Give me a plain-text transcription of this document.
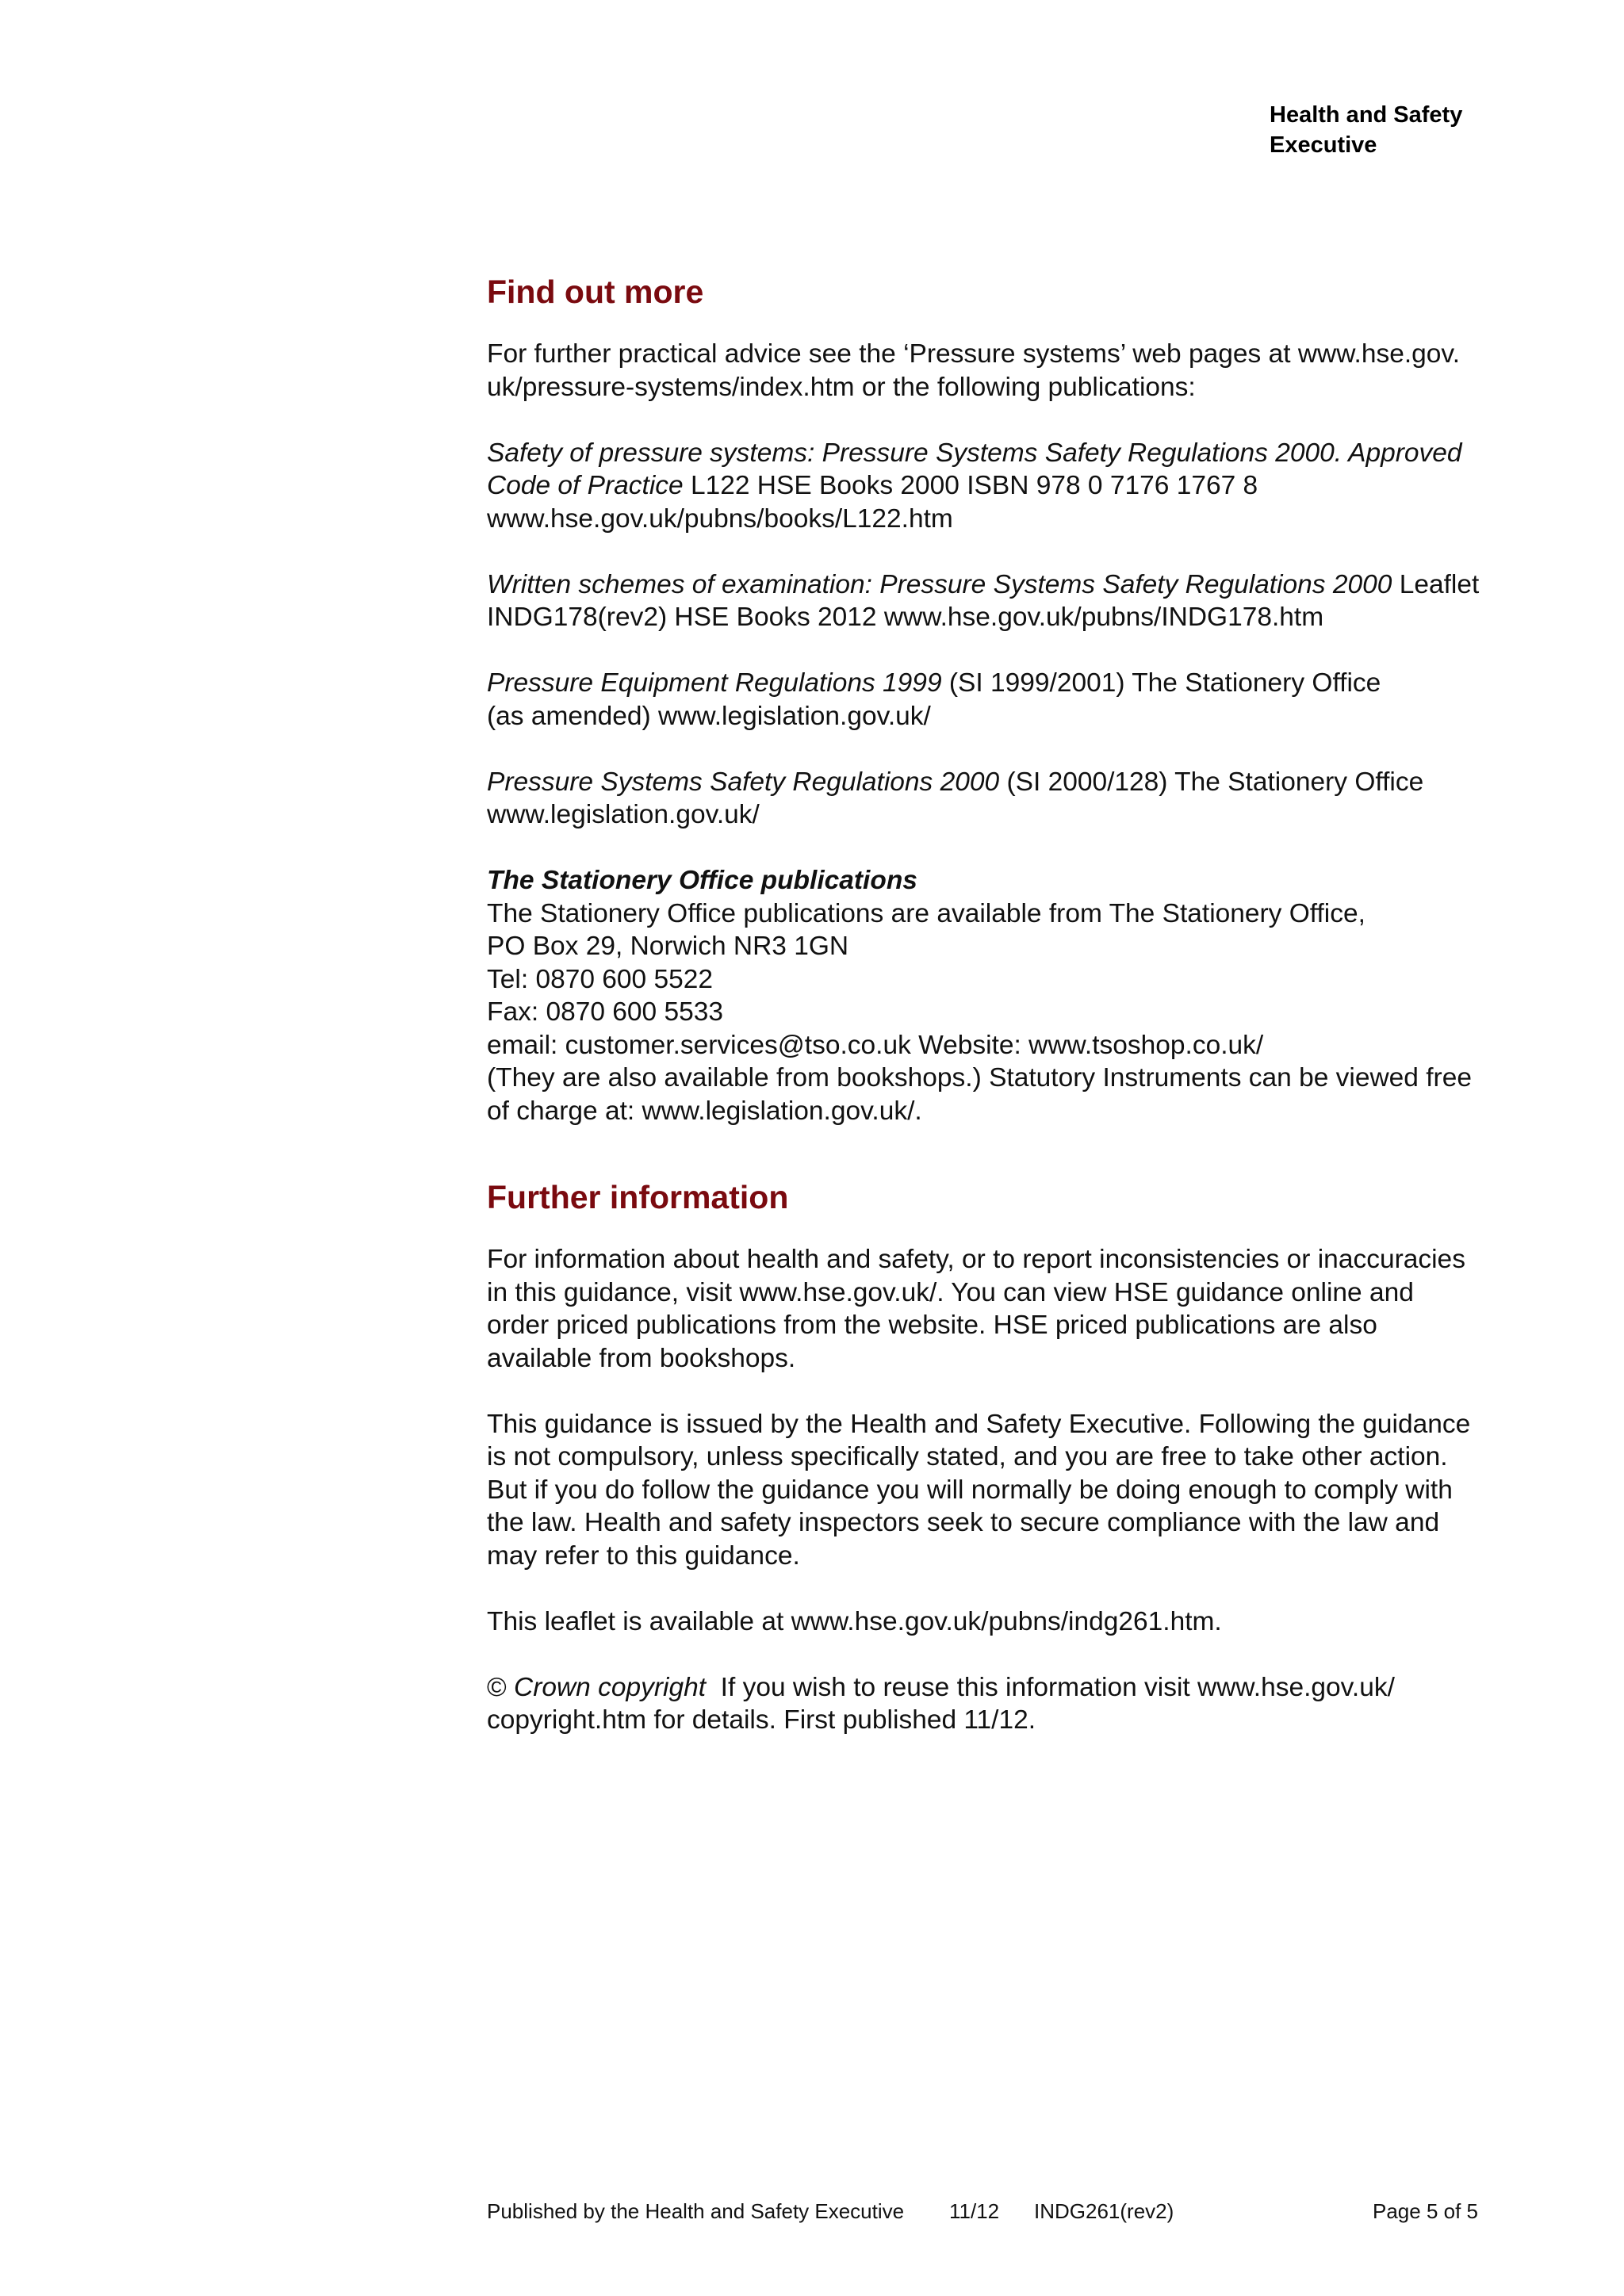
Health and Safety
Executive
Find out more

For further practical advice see the ‘Pressure systems’ web pages at www.hse.gov.
uk/pressure-systems/index.htm or the following publications:

Safety of pressure systems: Pressure Systems Safety Regulations 2000. Approved
Code of Practice L122 HSE Books 2000 ISBN 978 0 7176 1767 8
www.hse.gov.uk/pubns/books/L122.htm

Written schemes of examination: Pressure Systems Safety Regulations 2000 Leaflet
INDG178(rev2) HSE Books 2012 www.hse.gov.uk/pubns/INDG178.htm

Pressure Equipment Regulations 1999 (SI 1999/2001) The Stationery Office
(as amended) www.legislation.gov.uk/

Pressure Systems Safety Regulations 2000 (SI 2000/128) The Stationery Office
www.legislation.gov.uk/

The Stationery Office publications
The Stationery Office publications are available from The Stationery Office,
PO Box 29, Norwich NR3 1GN
Tel: 0870 600 5522
Fax: 0870 600 5533
email: customer.services@tso.co.uk Website: www.tsoshop.co.uk/
(They are also available from bookshops.) Statutory Instruments can be viewed free
of charge at: www.legislation.gov.uk/.

Further information

For information about health and safety, or to report inconsistencies or inaccuracies
in this guidance, visit www.hse.gov.uk/. You can view HSE guidance online and
order priced publications from the website. HSE priced publications are also
available from bookshops.

This guidance is issued by the Health and Safety Executive. Following the guidance
is not compulsory, unless specifically stated, and you are free to take other action.
But if you do follow the guidance you will normally be doing enough to comply with
the law. Health and safety inspectors seek to secure compliance with the law and
may refer to this guidance.

This leaflet is available at www.hse.gov.uk/pubns/indg261.htm.

© Crown copyright  If you wish to reuse this information visit www.hse.gov.uk/
copyright.htm for details. First published 11/12.

Published by the Health and Safety Executive 11/12 INDG261(rev2)	Page 5 of 5
